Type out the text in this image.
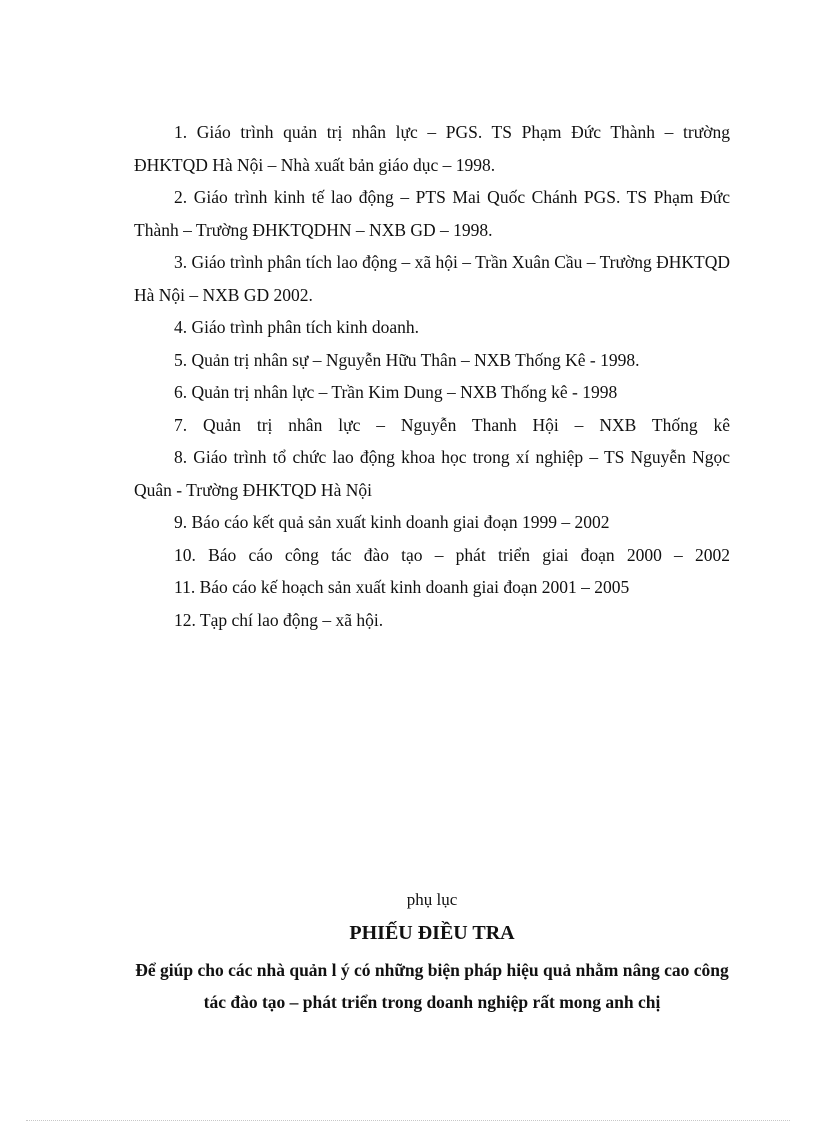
1. Giáo trình quản trị nhân lực – PGS. TS Phạm Đức Thành – trường ĐHKTQD Hà Nội – Nhà xuất bản giáo dục – 1998.

2. Giáo trình kinh tế lao động – PTS Mai Quốc Chánh PGS. TS Phạm Đức Thành – Trường ĐHKTQDHN – NXB GD – 1998.

3. Giáo trình phân tích lao động – xã hội – Trần Xuân Cầu – Trường ĐHKTQD Hà Nội – NXB GD 2002.

4. Giáo trình phân tích kinh doanh.

5. Quản trị nhân sự – Nguyễn Hữu Thân – NXB Thống Kê - 1998.

6. Quản trị nhân lực – Trần Kim Dung – NXB Thống kê - 1998

7. Quản trị nhân lực – Nguyễn Thanh Hội – NXB Thống kê

8. Giáo trình tổ chức lao động khoa học trong xí nghiệp – TS Nguyễn Ngọc Quân - Trường ĐHKTQD Hà Nội

9. Báo cáo kết quả sản xuất kinh doanh giai đoạn 1999 – 2002

10. Báo cáo công tác đào tạo – phát triển giai đoạn 2000 – 2002

11. Báo cáo kế hoạch sản xuất kinh doanh giai đoạn 2001 – 2005

12. Tạp chí lao động – xã hội.

phụ lục

PHIẾU ĐIỀU TRA

Để giúp cho các nhà quản l ý có những biện pháp hiệu quả nhằm nâng cao công tác đào tạo – phát triển trong doanh nghiệp rất mong anh chị
